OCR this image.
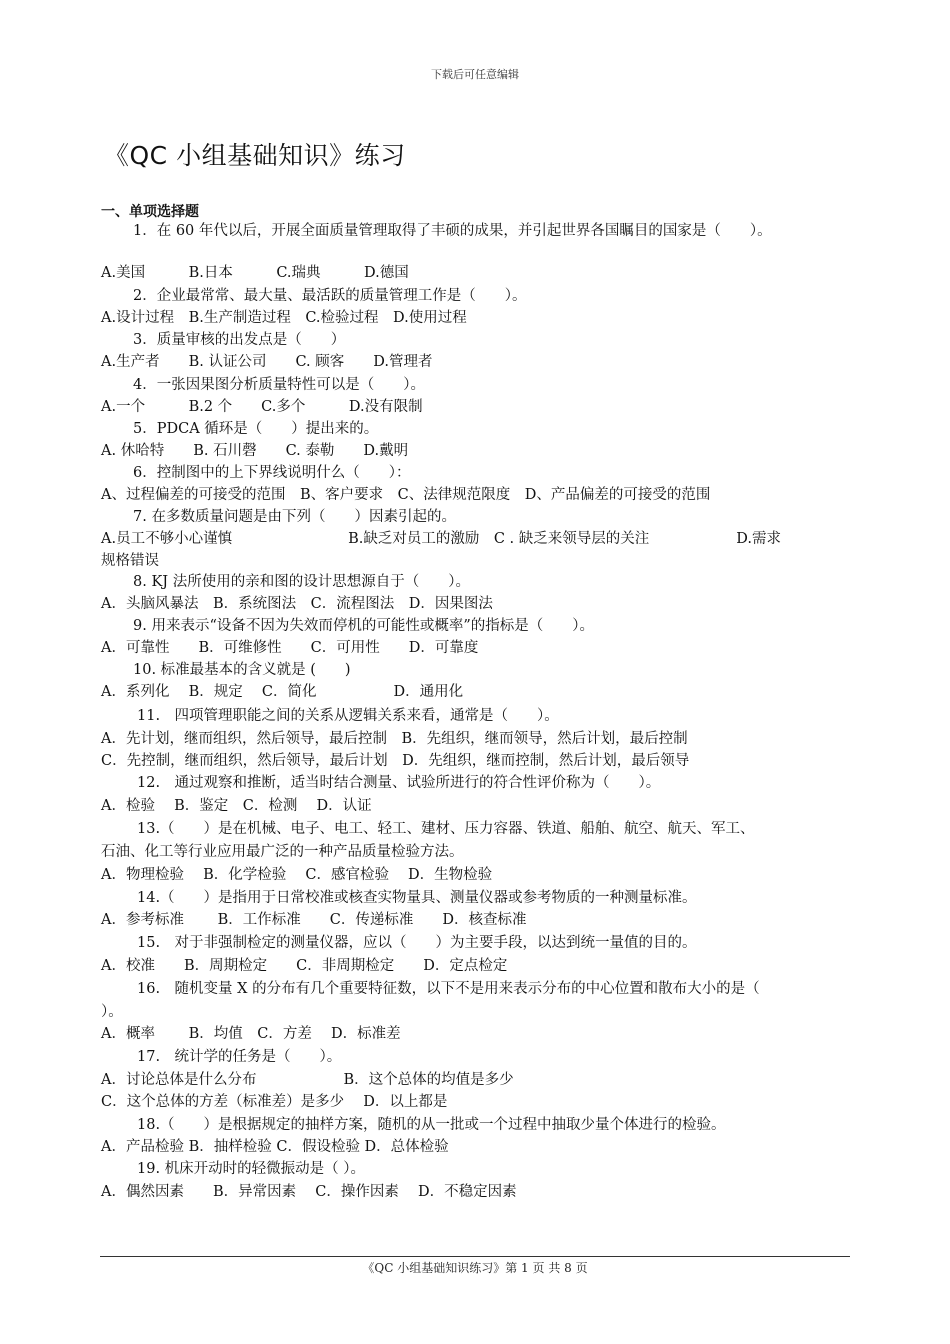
下载后可任意编辑
《QC 小组基础知识》练习
一、单项选择题
1．在 60 年代以后，开展全面质量管理取得了丰硕的成果，并引起世界各国瞩目的国家是（　　）。
A.美国　　　B.日本　　　C.瑞典　　　D.德国
2．企业最常常、最大量、最活跃的质量管理工作是（　　）。
A.设计过程　B.生产制造过程　C.检验过程　D.使用过程
3．质量审核的出发点是（　　）
A.生产者　　B. 认证公司　　C. 顾客　　D.管理者
4．一张因果图分析质量特性可以是（　　）。
A.一个　　　B.2 个　　C.多个　　　D.没有限制
5．PDCA 循环是（　　）提出来的。
A. 休哈特　　B. 石川磬　　C. 泰勒　　D.戴明
6．控制图中的上下界线说明什么（　　）：
A、过程偏差的可接受的范围　B、客户要求　C、法律规范限度　D、产品偏差的可接受的范围
7. 在多数质量问题是由下列（　　）因素引起的。
A.员工不够小心谨慎　　　　　　　　B.缺乏对员工的激励　C . 缺乏来领导层的关注　　　　　　D.需求
规格错误
8. KJ 法所使用的亲和图的设计思想源自于（　　）。
A．头脑风暴法　B．系统图法　C．流程图法　D．因果图法
9. 用来表示“设备不因为失效而停机的可能性或概率”的指标是（　　）。
A．可靠性　　B．可维修性　　C．可用性　　D．可靠度
10. 标准最基本的含义就是 (　　)
A．系列化　 B．规定　 C．简化　　　　　 D．通用化
11.　四项管理职能之间的关系从逻辑关系来看，通常是（　　）。
A．先计划，继而组织，然后领导，最后控制　B．先组织，继而领导，然后计划，最后控制
C．先控制，继而组织，然后领导，最后计划　D．先组织，继而控制，然后计划，最后领导
12.　通过观察和推断，适当时结合测量、试验所进行的符合性评价称为（　　）。
A．检验　 B．鉴定　C．检测　 D．认证
13.（　　）是在机械、电子、电工、轻工、建材、压力容器、铁道、船舶、航空、航天、军工、
石油、化工等行业应用最广泛的一种产品质量检验方法。
A．物理检验　 B．化学检验　 C．感官检验　 D．生物检验
14.（　　）是指用于日常校准或核查实物量具、测量仪器或参考物质的一种测量标准。
A．参考标准　　 B．工作标准　　C．传递标准　　D．核查标准
15.　对于非强制检定的测量仪器，应以（　　）为主要手段，以达到统一量值的目的。
A．校准　　B．周期检定　　C．非周期检定　　D．定点检定
16.　随机变量 X 的分布有几个重要特征数，以下不是用来表示分布的中心位置和散布大小的是（
）。
A．概率　　 B．均值　C．方差　 D．标准差
17.　统计学的任务是（　　）。
A．讨论总体是什么分布　　　　　　B．这个总体的均值是多少
C．这个总体的方差（标准差）是多少　 D．以上都是
18.（　　）是根据规定的抽样方案，随机的从一批或一个过程中抽取少量个体进行的检验。
A．产品检验 B．抽样检验 C．假设检验 D．总体检验
19. 机床开动时的轻微振动是（ ）。
A．偶然因素　　B．异常因素　 C．操作因素　 D．不稳定因素
《QC 小组基础知识练习》第 1 页 共 8 页
